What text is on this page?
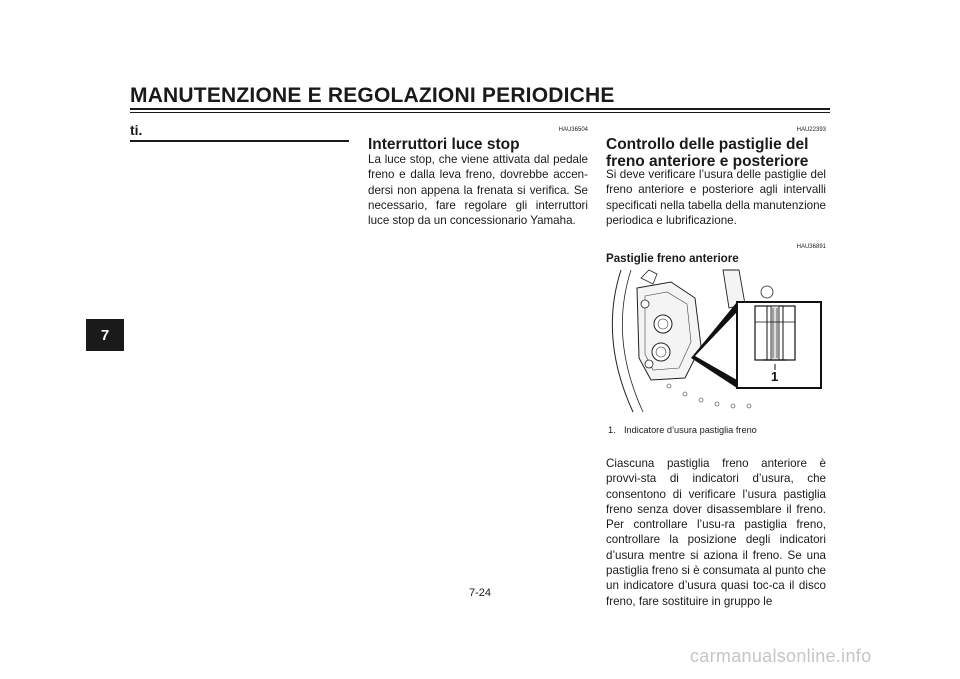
MANUTENZIONE E REGOLAZIONI PERIODICHE
7
ti.	HAU36504
Interruttori luce stop
La luce stop, che viene attivata dal pedale freno e dalla leva freno, dovrebbe accen-dersi non appena la frenata si verifica. Se necessario, fare regolare gli interruttori luce stop da un concessionario Yamaha.
HAU22393
Controllo delle pastiglie del freno anteriore e posteriore
Si deve verificare l’usura delle pastiglie del freno anteriore e posteriore agli intervalli specificati nella tabella della manutenzione periodica e lubrificazione.
HAU36891
Pastiglie freno anteriore
1
1. Indicatore d’usura pastiglia freno
Ciascuna pastiglia freno anteriore è provvi-sta di indicatori d’usura, che consentono di verificare l’usura pastiglia freno senza dover disassemblare il freno. Per controllare l’usu-ra pastiglia freno, controllare la posizione degli indicatori d’usura mentre si aziona il freno. Se una pastiglia freno si è consumata al punto che un indicatore d’usura quasi toc-ca il disco freno, fare sostituire in gruppo le
7-24
carmanualsonline.info
